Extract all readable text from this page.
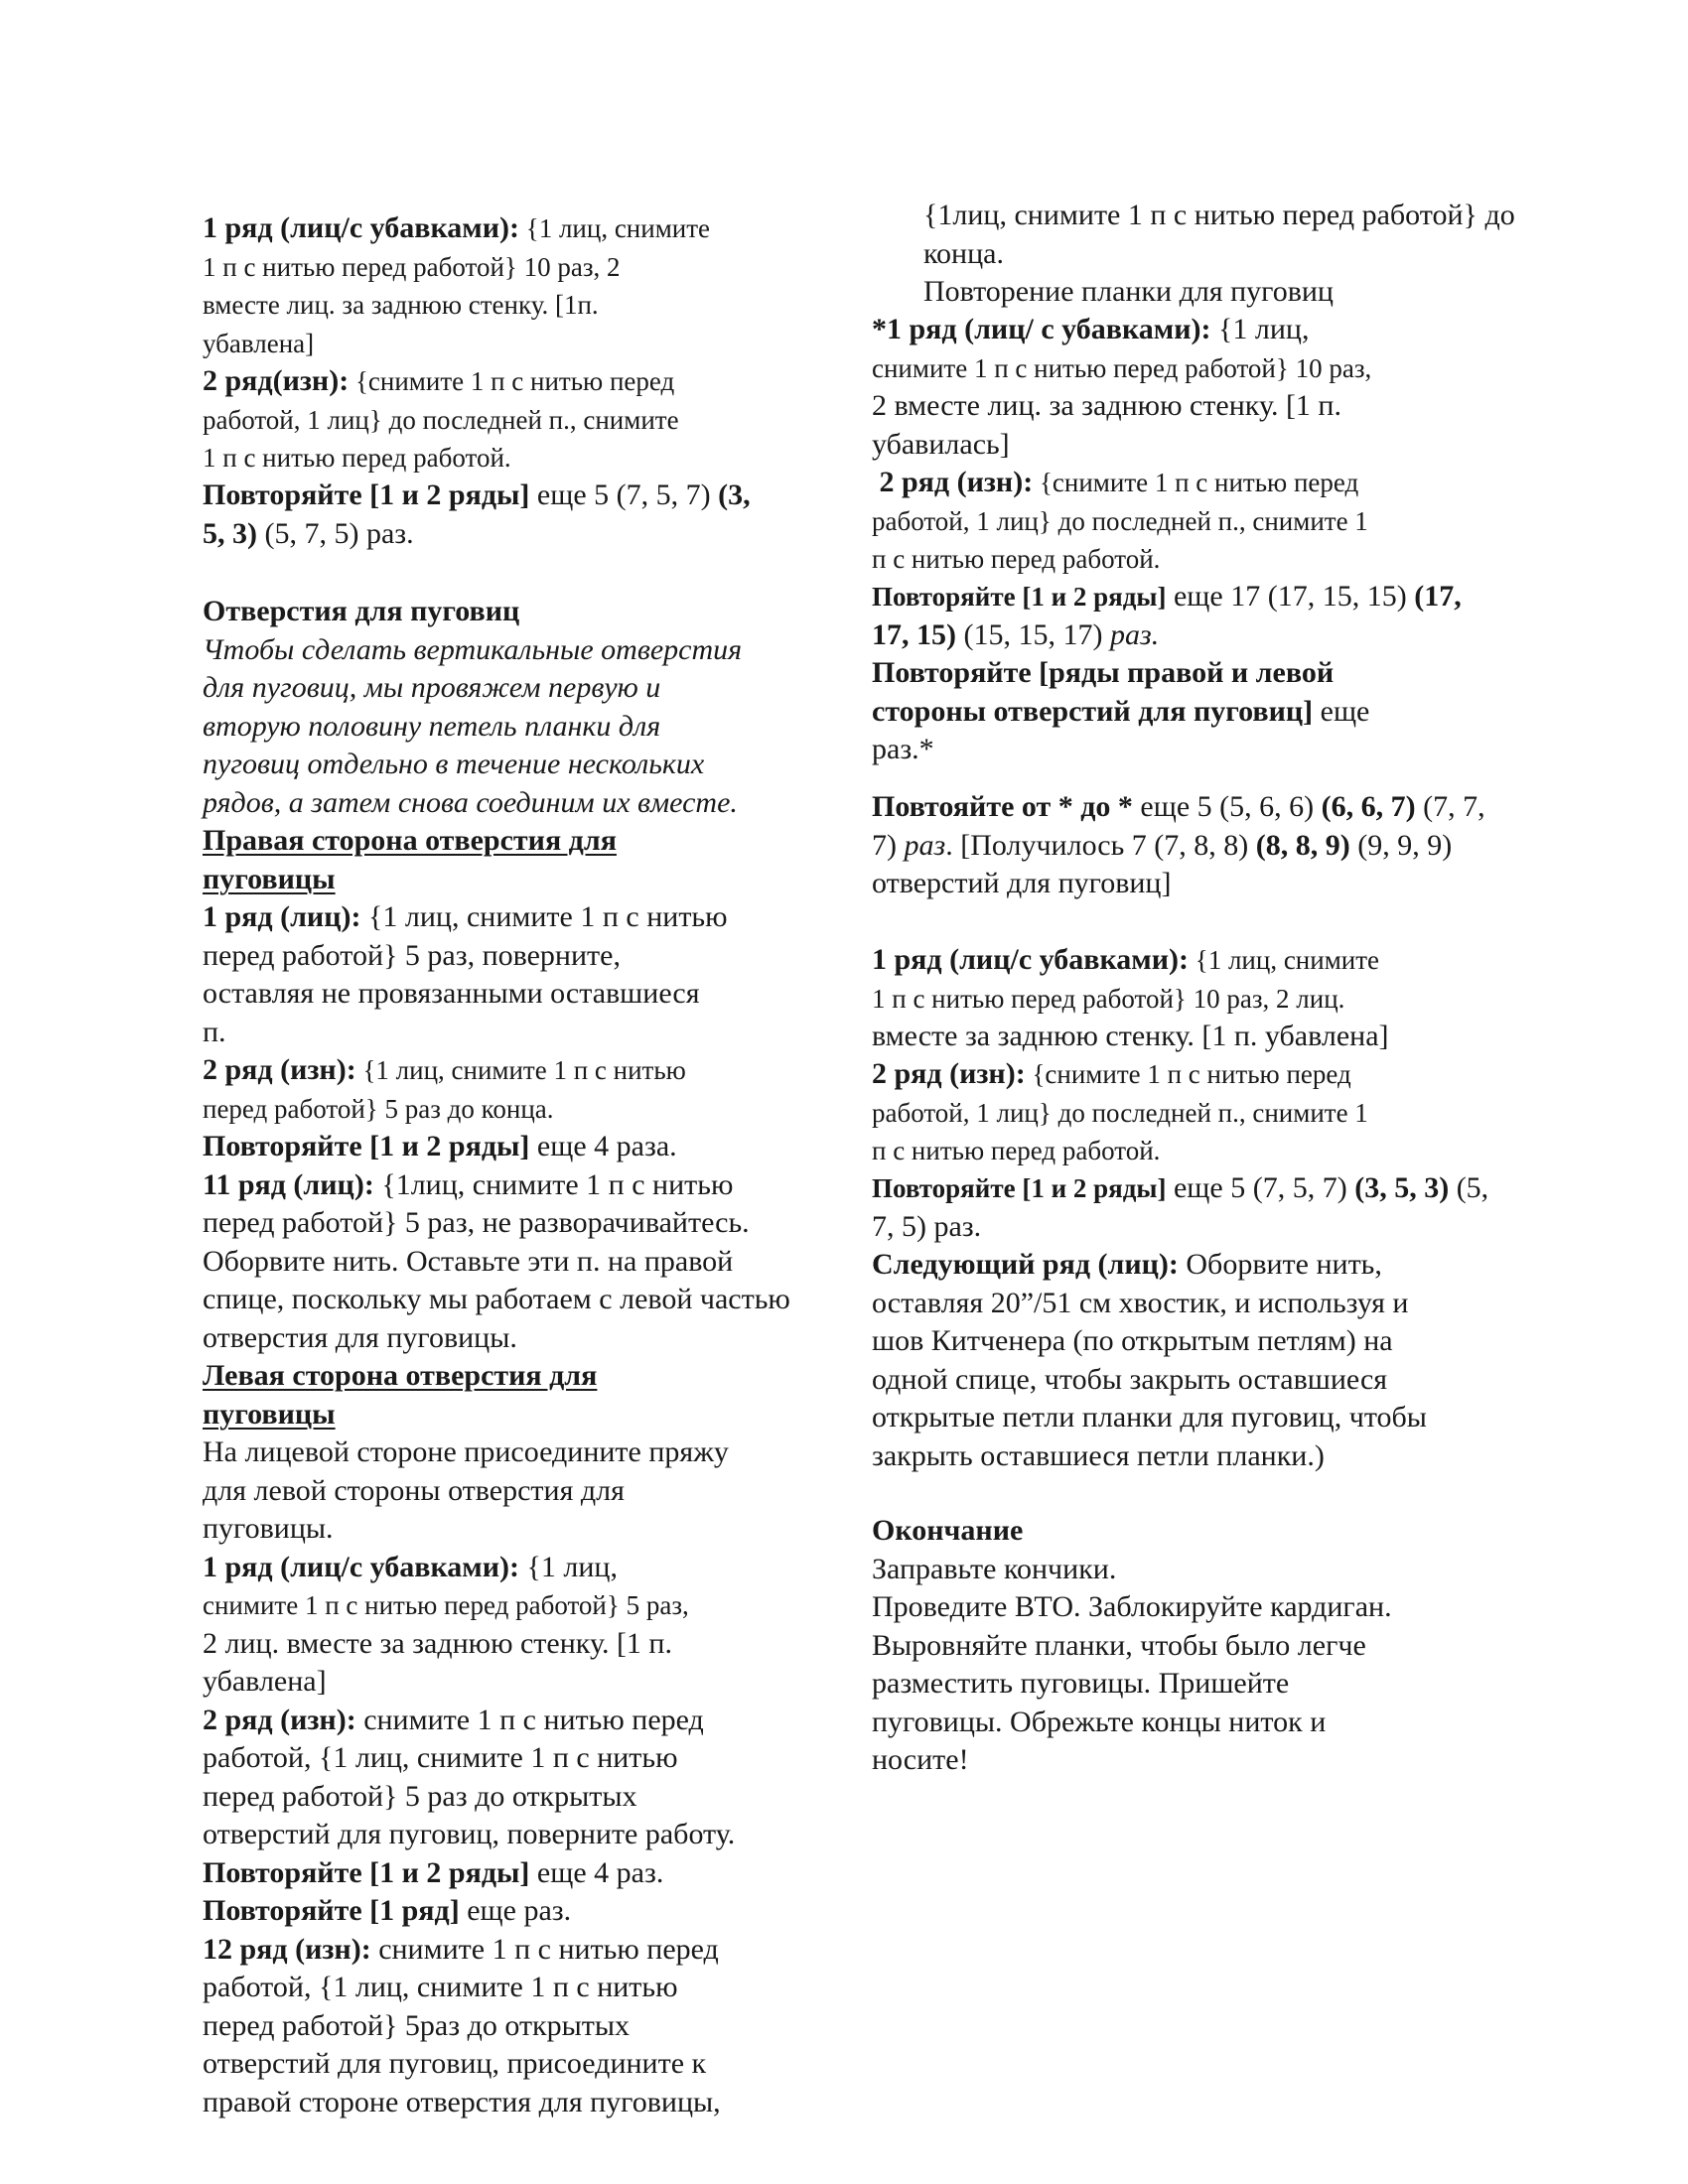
1 ряд (лиц/с убавками): {1 лиц, снимите
1 п с нитью перед работой} 10 раз, 2
вместе лиц. за заднюю стенку. [1п.
убавлена]
2 ряд(изн): {снимите 1 п с нитью перед
работой, 1 лиц} до последней п., снимите
1 п с нитью перед работой.
Повторяйте [1 и 2 ряды] еще 5 (7, 5, 7) (3,
5, 3) (5, 7, 5) раз.
Отверстия для пуговиц
Чтобы сделать вертикальные отверстия
для пуговиц, мы провяжем первую и
вторую половину петель планки для
пуговиц отдельно в течение нескольких
рядов, а затем снова соединим их вместе.
Правая сторона отверстия для
пуговицы
1 ряд (лиц): {1 лиц, снимите 1 п с нитью
перед работой} 5 раз, поверните,
оставляя не провязанными оставшиеся
п.
2 ряд (изн): {1 лиц, снимите 1 п с нитью
перед работой} 5 раз до конца.
Повторяйте [1 и 2 ряды] еще 4 раза.
11 ряд (лиц): {1лиц, снимите 1 п с нитью
перед работой} 5 раз, не разворачивайтесь.
Оборвите нить. Оставьте эти п. на правой
спице, поскольку мы работаем с левой частью
отверстия для пуговицы.
Левая сторона отверстия для
пуговицы
На лицевой стороне присоедините пряжу
для левой стороны отверстия для
пуговицы.
1 ряд (лиц/с убавками): {1 лиц,
снимите 1 п с нитью перед работой} 5 раз,
2 лиц. вместе за заднюю стенку. [1 п.
убавлена]
2 ряд (изн): снимите 1 п с нитью перед
работой, {1 лиц, снимите 1 п с нитью
перед работой} 5 раз до открытых
отверстий для пуговиц, поверните работу.
Повторяйте [1 и 2 ряды] еще 4 раз.
Повторяйте [1 ряд] еще раз.
12 ряд (изн): снимите 1 п с нитью перед
работой, {1 лиц, снимите 1 п с нитью
перед работой} 5раз до открытых
отверстий для пуговиц, присоедините к
правой стороне отверстия для пуговицы,
{1лиц, снимите 1 п с нитью перед работой} до
конца.
Повторение планки для пуговиц
*1 ряд (лиц/ с убавками): {1 лиц,
снимите 1 п с нитью перед работой} 10 раз,
2 вместе лиц. за заднюю стенку. [1 п.
убавилась]
2 ряд (изн): {снимите 1 п с нитью перед
работой, 1 лиц} до последней п., снимите 1
п с нитью перед работой.
Повторяйте [1 и 2 ряды] еще 17 (17, 15, 15) (17,
17, 15) (15, 15, 17) раз.
Повторяйте [ряды правой и левой
стороны отверстий для пуговиц] еще
раз.*
Повтояйте от * до * еще 5 (5, 6, 6) (6, 6, 7) (7, 7,
7) раз. [Получилось 7 (7, 8, 8) (8, 8, 9) (9, 9, 9)
отверстий для пуговиц]
1 ряд (лиц/с убавками): {1 лиц, снимите
1 п с нитью перед работой} 10 раз, 2 лиц.
вместе за заднюю стенку. [1 п. убавлена]
2 ряд (изн): {снимите 1 п с нитью перед
работой, 1 лиц} до последней п., снимите 1
п с нитью перед работой.
Повторяйте [1 и 2 ряды] еще 5 (7, 5, 7) (3, 5, 3) (5,
7, 5) раз.
Следующий ряд (лиц): Оборвите нить,
оставляя 20”/51 см хвостик, и используя и
шов Китченера (по открытым петлям) на
одной спице, чтобы закрыть оставшиеся
открытые петли планки для пуговиц, чтобы
закрыть оставшиеся петли планки.)
Окончание
Заправьте кончики.
Проведите ВТО. Заблокируйте кардиган.
Выровняйте планки, чтобы было легче
разместить пуговицы. Пришейте
пуговицы. Обрежьте концы ниток и
носите!
